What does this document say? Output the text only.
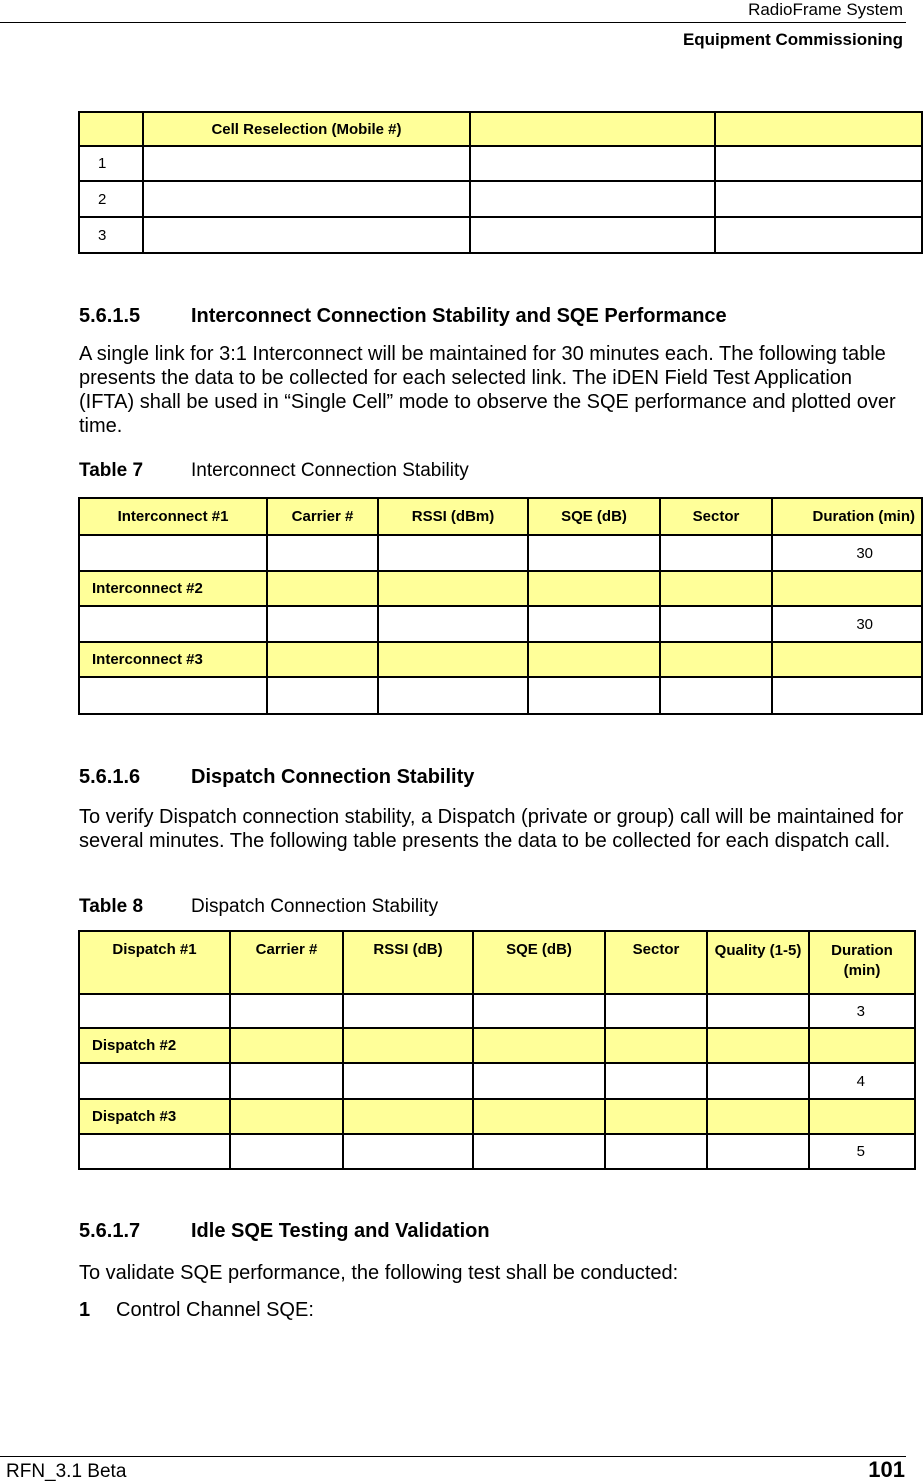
RadioFrame System
Equipment Commissioning
	Cell Reselection (Mobile #)		
1			
2			
3			
5.6.1.5	Interconnect Connection Stability and SQE Performance
A single link for 3:1 Interconnect will be maintained for 30 minutes each. The following table presents the data to be collected for each selected link. The iDEN Field Test Application (IFTA) shall be used in “Single Cell” mode to observe the SQE performance and plotted over time.
Table 7	Interconnect Connection Stability
Interconnect #1	Carrier #	RSSI (dBm)	SQE (dB)	Sector	Duration (min)
					30
Interconnect #2					
					30
Interconnect #3					

5.6.1.6	Dispatch Connection Stability
To verify Dispatch connection stability, a Dispatch (private or group) call will be maintained for several minutes. The following table presents the data to be collected for each dispatch call.
Table 8	Dispatch Connection Stability
Dispatch #1	Carrier #	RSSI (dB)	SQE (dB)	Sector	Quality (1-5)	Duration (min)
						3
Dispatch #2						
						4
Dispatch #3						
						5
5.6.1.7	Idle SQE Testing and Validation
To validate SQE performance, the following test shall be conducted:
1 Control Channel SQE:
RFN_3.1 Beta	101
